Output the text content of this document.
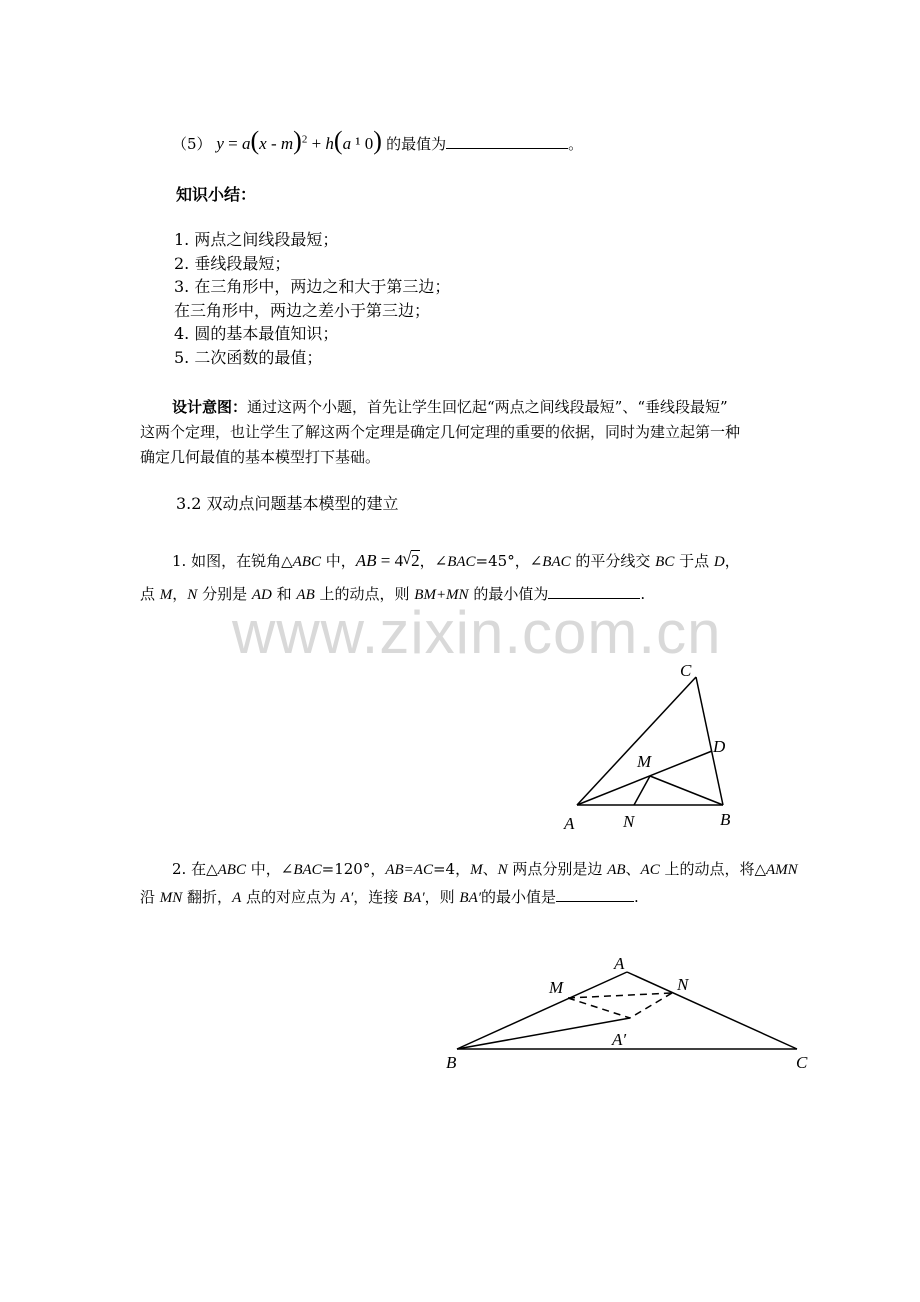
（5） y = a(x - m)$^2$ + h(a ¹ 0) 的最值为	。
知识小结：
1. 两点之间线段最短；
2. 垂线段最短；
3. 在三角形中，两边之和大于第三边；
在三角形中，两边之差小于第三边；
4. 圆的基本最值知识；
5. 二次函数的最值；
设计意图：通过这两个小题，首先让学生回忆起“两点之间线段最短”、“垂线段最短”
这两个定理，也让学生了解这两个定理是确定几何定理的重要的依据，同时为建立起第一种
确定几何最值的基本模型打下基础。
3.2 双动点问题基本模型的建立
1. 如图，在锐角△ABC 中，AB = 4 √ 2，∠BAC=45°，∠BAC 的平分线交 BC 于点 D，
点 M，N 分别是 AD 和 AB 上的动点，则 BM+MN 的最小值为	.
www.zixin.com.cn
C
D
M
A	N	B
2. 在△ABC 中，∠BAC=120°，AB=AC=4，M、N 两点分别是边 AB、AC 上的动点，将△AMN
沿 MN 翻折，A 点的对应点为 A′，连接 BA′，则 BA′的最小值是	.
A
M	N
A′
B	C
